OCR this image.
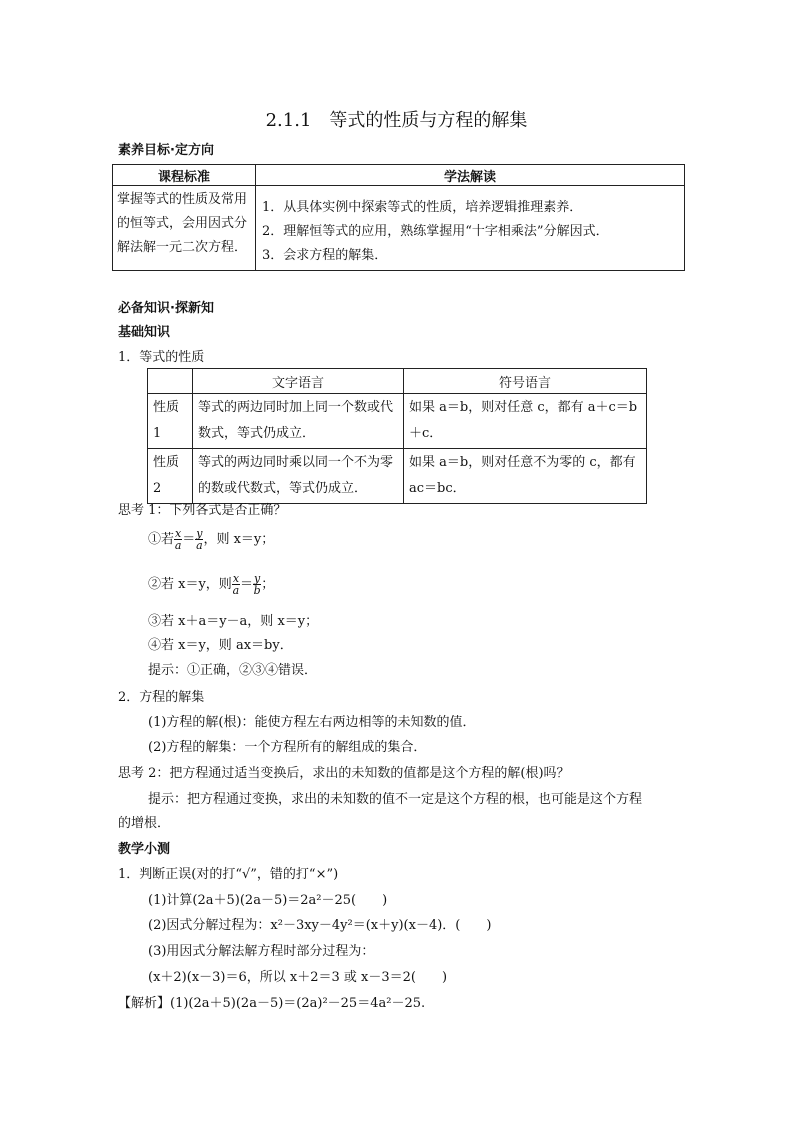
2.1.1　等式的性质与方程的解集
素养目标·定方向
课程标准	学法解读
掌握等式的性质及常用的恒等式，会用因式分解法解一元二次方程．	1．从具体实例中探索等式的性质，培养逻辑推理素养．
2．理解恒等式的应用，熟练掌握用“十字相乘法”分解因式．
3．会求方程的解集．
必备知识·探新知
基础知识
1．等式的性质
	文字语言	符号语言
性质 1	等式的两边同时加上同一个数或代数式，等式仍成立．	如果 a＝b，则对任意 c，都有 a＋c＝b＋c．
性质 2	等式的两边同时乘以同一个不为零的数或代数式，等式仍成立．	如果 a＝b，则对任意不为零的 c，都有 ac＝bc．
思考 1：下列各式是否正确？
①若 $\frac{x}{a} = \frac{y}{a}$ ，则 x＝y；
②若 x＝y，则 $\frac{x}{a} = \frac{y}{b}$ ；
③若 x＋a＝y－a，则 x＝y；
④若 x＝y，则 ax＝by．
提示：①正确，②③④错误．
2．方程的解集
(1)方程的解(根)：能使方程左右两边相等的未知数的值．
(2)方程的解集：一个方程所有的解组成的集合．
思考 2：把方程通过适当变换后，求出的未知数的值都是这个方程的解(根)吗？
提示：把方程通过变换，求出的未知数的值不一定是这个方程的根，也可能是这个方程
的增根．
教学小测
1．判断正误(对的打“√”，错的打“×”)
(1)计算(2a＋5)(2a－5)＝2a²－25(　　)
(2)因式分解过程为：x²－3xy－4y²＝(x＋y)(x－4)．(　　)
(3)用因式分解法解方程时部分过程为：
(x＋2)(x－3)＝6，所以 x＋2＝3 或 x－3＝2(　　)
【解析】(1)(2a＋5)(2a－5)＝(2a)²－25＝4a²－25.
